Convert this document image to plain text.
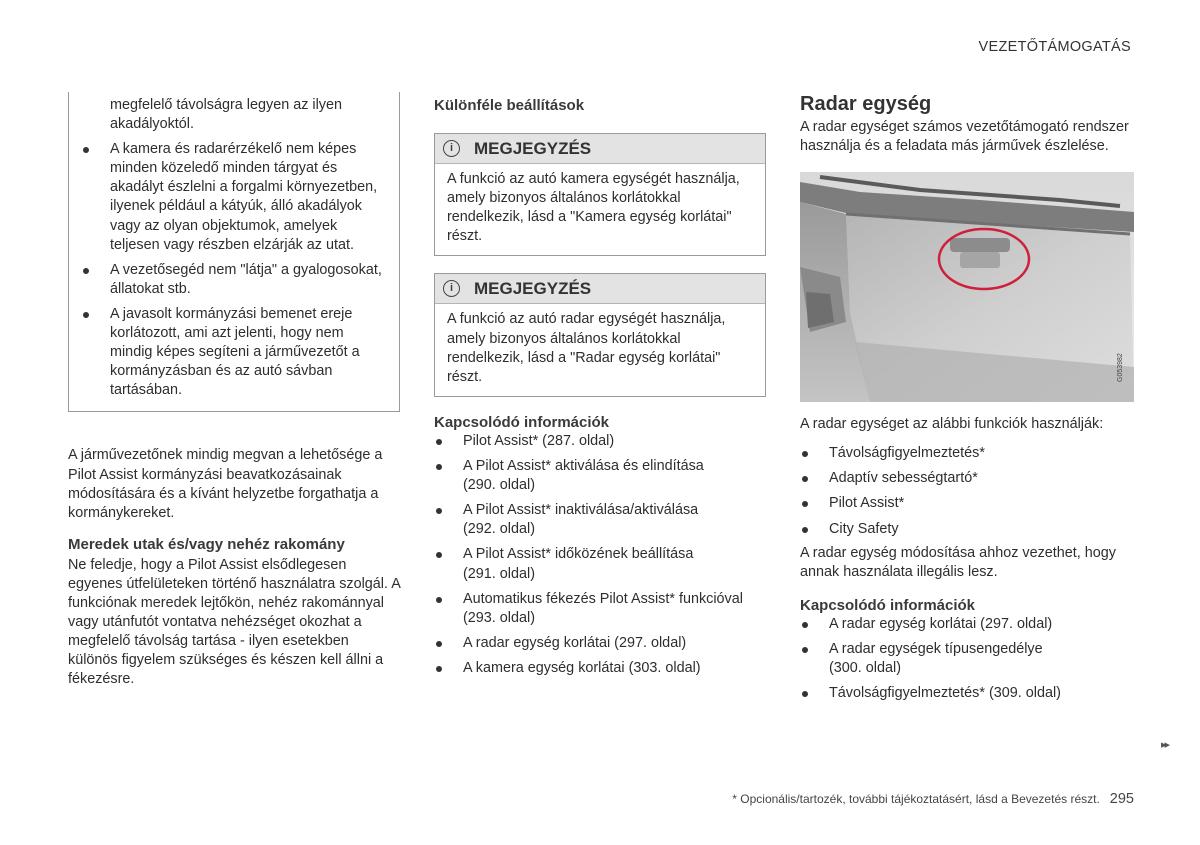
VEZETŐTÁMOGATÁS

megfelelő távolságra legyen az ilyen akadályoktól.

A kamera és radarérzékelő nem képes minden közeledő minden tárgyat és akadályt észlelni a forgalmi környezetben, ilyenek például a kátyúk, álló akadályok vagy az olyan objektumok, amelyek teljesen vagy részben elzárják az utat.
A vezetősegéd nem "látja" a gyalogosokat, állatokat stb.
A javasolt kormányzási bemenet ereje korlátozott, ami azt jelenti, hogy nem mindig képes segíteni a járművezetőt a kormányzásban és az autó sávban tartásában.

A járművezetőnek mindig megvan a lehetősége a Pilot Assist kormányzási beavatkozásainak módosítására és a kívánt helyzetbe forgathatja a kormánykereket.

Meredek utak és/vagy nehéz rakomány

Ne feledje, hogy a Pilot Assist elsődlegesen egyenes útfelületeken történő használatra szolgál. A funkciónak meredek lejtőkön, nehéz rakománnyal vagy utánfutót vontatva nehézséget okozhat a megfelelő távolság tartása - ilyen esetekben különös figyelem szükséges és készen kell állni a fékezésre.

Különféle beállítások
i	MEGJEGYZÉS
A funkció az autó kamera egységét használja, amely bizonyos általános korlátokkal rendelkezik, lásd a "Kamera egység korlátai" részt.
i	MEGJEGYZÉS
A funkció az autó radar egységét használja, amely bizonyos általános korlátokkal rendelkezik, lásd a "Radar egység korlátai" részt.
Kapcsolódó információk
Pilot Assist* (287. oldal)
A Pilot Assist* aktiválása és elindítása
(290. oldal)
A Pilot Assist* inaktiválása/aktiválása
(292. oldal)
A Pilot Assist* időközének beállítása
(291. oldal)
Automatikus fékezés Pilot Assist* funkcióval
(293. oldal)
A radar egység korlátai (297. oldal)
A kamera egység korlátai (303. oldal)
Radar egység

A radar egységet számos vezetőtámogató rendszer használja és a feladata más járművek észlelése.

G053982

A radar egységet az alábbi funkciók használják:

Távolságfigyelmeztetés*
Adaptív sebességtartó*
Pilot Assist*
City Safety

A radar egység módosítása ahhoz vezethet, hogy annak használata illegális lesz.

Kapcsolódó információk
A radar egység korlátai (297. oldal)
A radar egységek típusengedélye
(300. oldal)
Távolságfigyelmeztetés* (309. oldal)
▸▸
* Opcionális/tartozék, további tájékoztatásért, lásd a Bevezetés részt. 295
